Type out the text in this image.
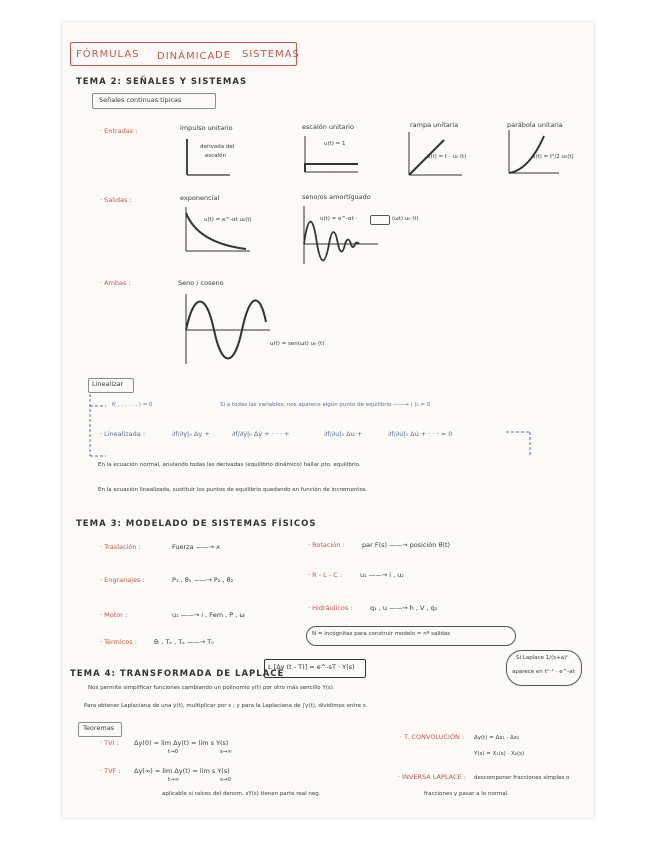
FÓRMULAS DINÁMICA DE SISTEMAS
TEMA 2: SEÑALES Y SISTEMAS
Señales continuas típicas
· Entradas :	impulso unitario
derivada del
escalón
escalón unitario
u(t) = 1
rampa unitaria
u(t) = t · u₀ (t)
parábola unitaria
u(t) = t²/2 u₀(t)
· Salidas :	exponencial
u(t) = e^-αt u₀(t)
seno/os amortiguado
u(t) = e^-αt ·	(ωt) u₀ (t)
· Ambas :	Seno / coseno
u(t) = sen(ωt) u₀ (t)
Linealizar
f( , , . . . , ) = 0	Si a todas las variables, nos aparece algún punto de equilibrio ——→ ( )₀ = 0
· Linealizada :	∂f/∂y|₀ Δy +	∂f/∂ẏ|₀ Δẏ + · · · +	∂f/∂u|₀ Δu +	∂f/∂u̇|₀ Δu̇ + · · · = 0
En la ecuación normal, anulando todas las derivadas (equilibrio dinámico) hallar pto. equilibrio.
En la ecuación linealizada, sustituir los puntos de equilibrio quedando en función de incrementos.
TEMA 3: MODELADO DE SISTEMAS FÍSICOS
· Traslación :	Fuerza ——→ x	· Rotación :	par F(s) ——→ posición θ(t)
· Engranajes :	P₁ , θ₁ ——→ P₂ , θ₂
· R - L - C :	u₁ ——→ i , u₂
· Motor :	u₁ ——→ i , Fem , P , ω
· Hidráulicos :	q₁ , u ——→ h , V , q₂
· Térmicos :	θᵢ , Tₑ , Tₐ ——→ T₀
N = incógnitas para construir modelo = nº salidas
TEMA 4: TRANSFORMADA DE LAPLACE
L [Δy (t - T)] = e^-sT · Y(s)
Si Laplace 1/(s+a)ⁿ
aparece en tⁿ⁻¹ · e^-at
Nos permite simplificar funciones cambiando un polinomio y(t) por otro más sencillo Y(s).
Para obtener Laplaciana de una ẏ(t), multiplicar por s ; y para la Laplaciana de ∫y(t), dividimos entre s.
Teoremas
· TVI : Δy(0) = lim Δy(t) = lim s Y(s)
t→0	s→∞
· TVF : Δy(∞) = lim Δy(t) = lim s Y(s)
t→∞	s→0
aplicable si raíces del denom. sY(s) tienen parte real neg.
· T. CONVOLUCIÓN : Δy(t) = Δx₁ · Δx₂
Y(s) = X₁(s) · X₂(s)
· INVERSA LAPLACE : descomponer fracciones simples o
fracciones y pasar a lo normal.
